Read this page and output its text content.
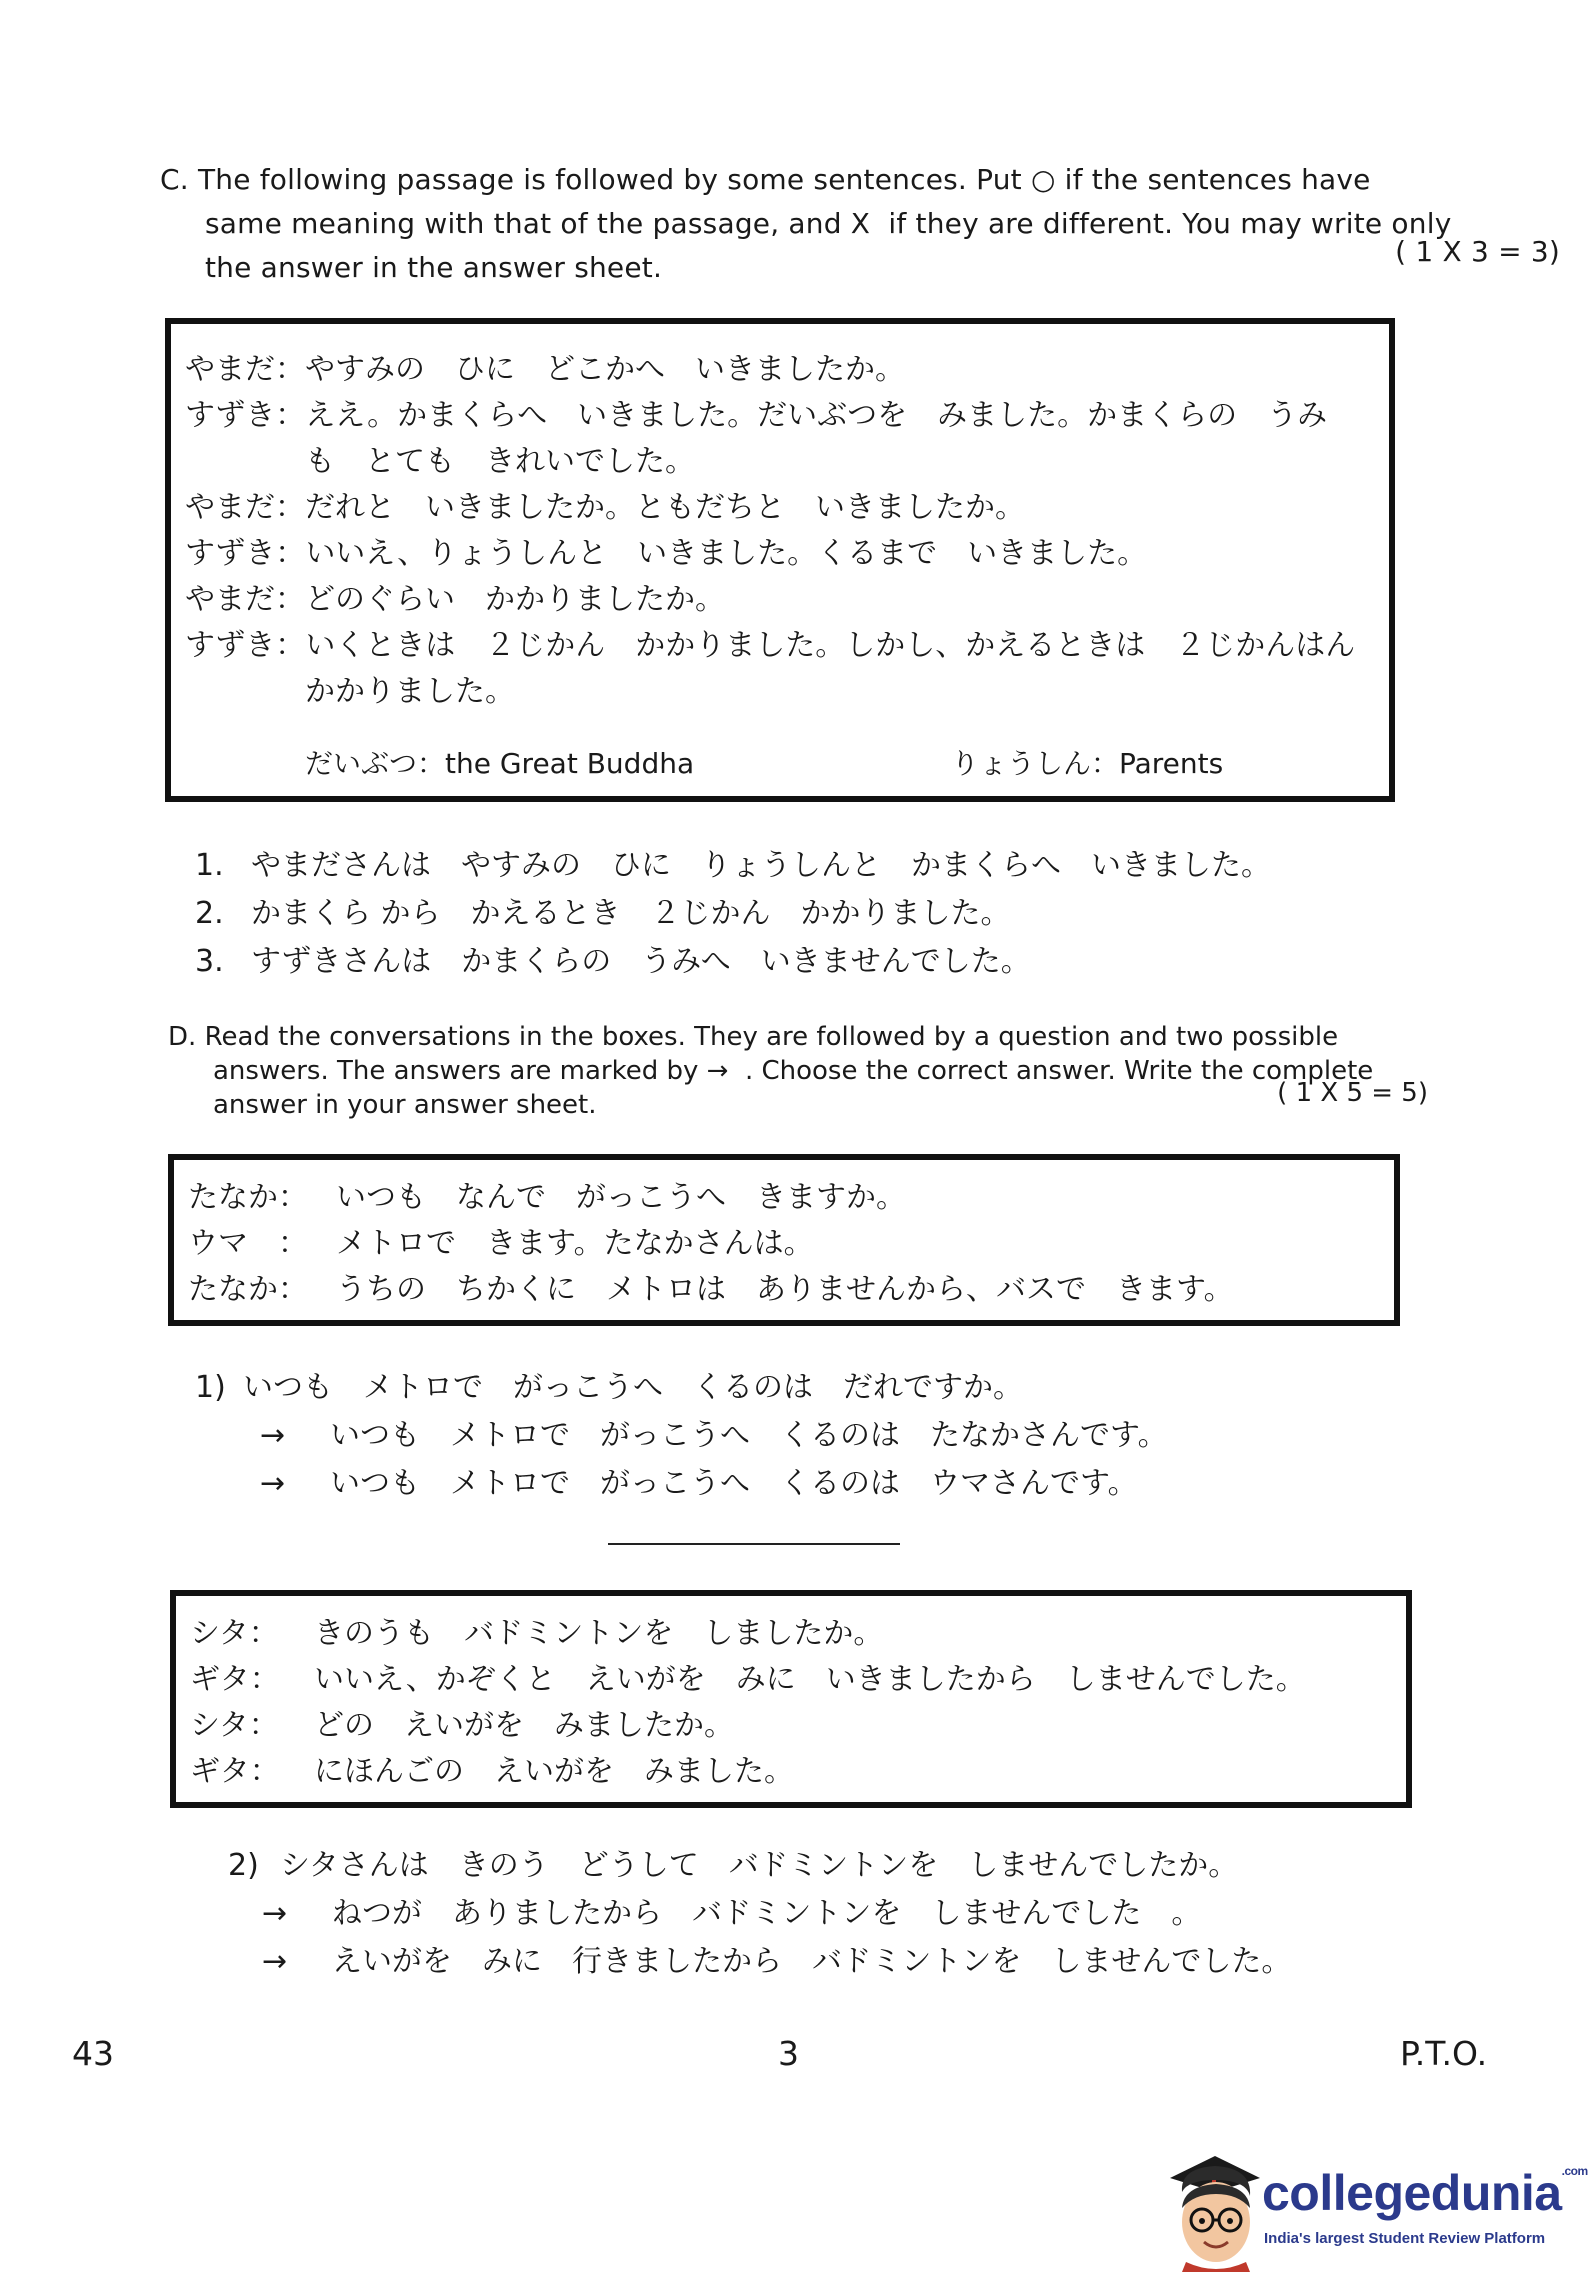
C. The following passage is followed by some sentences. Put ○ if the sentences have
same meaning with that of the passage, and X  if they are different. You may write only
the answer in the answer sheet.	( 1 X 3 = 3)
やまだ：やすみの　ひに　どこかへ　いきましたか。
すずき：ええ。かまくらへ　いきました。だいぶつを　みました。かまくらの　うみ
も　とても　きれいでした。
やまだ：だれと　いきましたか。ともだちと　いきましたか。
すずき：いいえ、りょうしんと　いきました。くるまで　いきました。
やまだ：どのぐらい　かかりましたか。
すずき：いくときは　２じかん　かかりました。しかし、かえるときは　２じかんはん
かかりました。
だいぶつ：the Great Buddha	りょうしん：Parents
1. やまださんは　やすみの　ひに　りょうしんと　かまくらへ　いきました。
2. かまくら から　かえるとき　２じかん　かかりました。
3. すずきさんは　かまくらの　うみへ　いきませんでした。
D. Read the conversations in the boxes. They are followed by a question and two possible
answers. The answers are marked by →  . Choose the correct answer. Write the complete
answer in your answer sheet.	( 1 X 5 = 5)
たなか： いつも　なんで　がっこうへ　きますか。
ウマ　： メトロで　きます。たなかさんは。
たなか： うちの　ちかくに　メトロは　ありませんから、バスで　きます。
1) いつも　メトロで　がっこうへ　くるのは　だれですか。
→ いつも　メトロで　がっこうへ　くるのは　たなかさんです。
→ いつも　メトロで　がっこうへ　くるのは　ウマさんです。
シタ： きのうも　バドミントンを　しましたか。
ギタ： いいえ、かぞくと　えいがを　みに　いきましたから　しませんでした。
シタ： どの　えいがを　みましたか。
ギタ： にほんごの　えいがを　みました。
2) シタさんは　きのう　どうして　バドミントンを　しませんでしたか。
→ ねつが　ありましたから　バドミントンを　しませんでした　。
→ えいがを　みに　行きましたから　バドミントンを　しませんでした。
43	3	P.T.O.
collegedunia$^{.com}$
India's largest Student Review Platform
